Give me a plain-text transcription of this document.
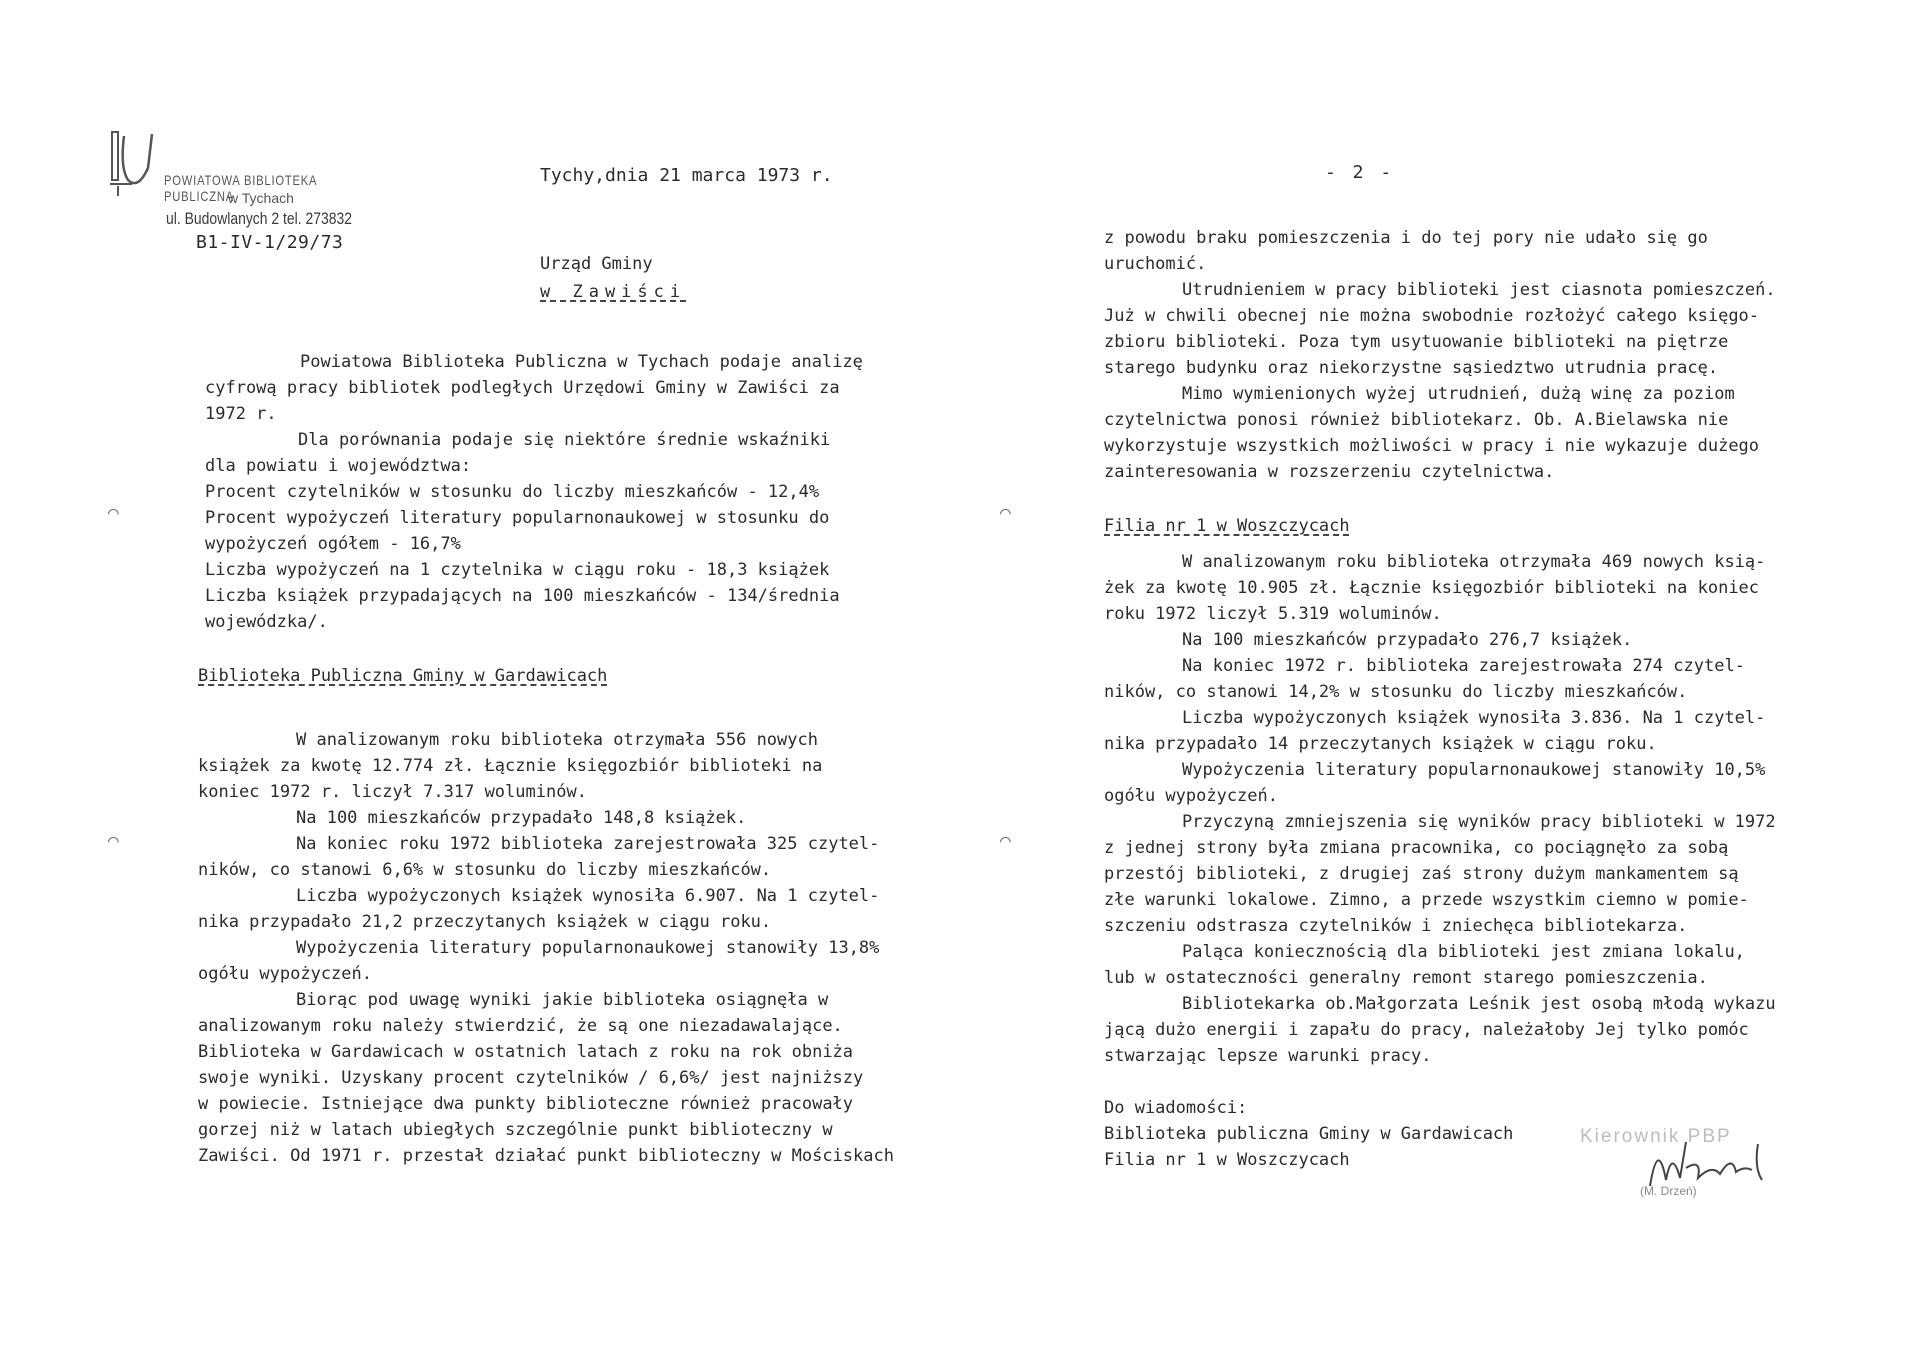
POWIATOWA BIBLIOTEKA PUBLICZNA
w Tychach
ul. Budowlanych 2 tel. 273832
B1-IV-1/29/73
Tychy,dnia 21 marca 1973 r.
Urząd Gminy
w Zawiści
Powiatowa Biblioteka Publiczna w Tychach podaje analizę
cyfrową pracy bibliotek podległych Urzędowi Gminy w Zawiści za
1972 r.
Dla porównania podaje się niektóre średnie wskaźniki
dla powiatu i województwa:
Procent czytelników w stosunku do liczby mieszkańców - 12,4%
Procent wypożyczeń literatury popularnonaukowej w stosunku do
wypożyczeń ogółem - 16,7%
Liczba wypożyczeń na 1 czytelnika w ciągu roku - 18,3 książek
Liczba książek przypadających na 100 mieszkańców - 134/średnia
wojewódzka/.
Biblioteka Publiczna Gminy w Gardawicach
W analizowanym roku biblioteka otrzymała 556 nowych
książek za kwotę 12.774 zł. Łącznie księgozbiór biblioteki na
koniec 1972 r. liczył 7.317 woluminów.
Na 100 mieszkańców przypadało 148,8 książek.
Na koniec roku 1972 biblioteka zarejestrowała 325 czytel-
ników, co stanowi 6,6% w stosunku do liczby mieszkańców.
Liczba wypożyczonych książek wynosiła 6.907. Na 1 czytel-
nika przypadało 21,2 przeczytanych książek w ciągu roku.
Wypożyczenia literatury popularnonaukowej stanowiły 13,8%
ogółu wypożyczeń.
Biorąc pod uwagę wyniki jakie biblioteka osiągnęła w
analizowanym roku należy stwierdzić, że są one niezadawalające.
Biblioteka w Gardawicach w ostatnich latach z roku na rok obniża
swoje wyniki. Uzyskany procent czytelników / 6,6%/ jest najniższy
w powiecie. Istniejące dwa punkty biblioteczne również pracowały
gorzej niż w latach ubiegłych szczególnie punkt biblioteczny w
Zawiści. Od 1971 r. przestał działać punkt biblioteczny w Mościskach
⌒
⌒
- 2 -
z powodu braku pomieszczenia i do tej pory nie udało się go
uruchomić.
Utrudnieniem w pracy biblioteki jest ciasnota pomieszczeń.
Już w chwili obecnej nie można swobodnie rozłożyć całego księgo-
zbioru biblioteki. Poza tym usytuowanie biblioteki na piętrze
starego budynku oraz niekorzystne sąsiedztwo utrudnia pracę.
Mimo wymienionych wyżej utrudnień, dużą winę za poziom
czytelnictwa ponosi również bibliotekarz. Ob. A.Bielawska nie
wykorzystuje wszystkich możliwości w pracy i nie wykazuje dużego
zainteresowania w rozszerzeniu czytelnictwa.
Filia nr 1 w Woszczycach
W analizowanym roku biblioteka otrzymała 469 nowych ksią-
żek za kwotę 10.905 zł. Łącznie księgozbiór biblioteki na koniec
roku 1972 liczył 5.319 woluminów.
Na 100 mieszkańców przypadało 276,7 książek.
Na koniec 1972 r. biblioteka zarejestrowała 274 czytel-
ników, co stanowi 14,2% w stosunku do liczby mieszkańców.
Liczba wypożyczonych książek wynosiła 3.836. Na 1 czytel-
nika przypadało 14 przeczytanych książek w ciągu roku.
Wypożyczenia literatury popularnonaukowej stanowiły 10,5%
ogółu wypożyczeń.
Przyczyną zmniejszenia się wyników pracy biblioteki w 1972
z jednej strony była zmiana pracownika, co pociągnęło za sobą
przestój biblioteki, z drugiej zaś strony dużym mankamentem są
złe warunki lokalowe. Zimno, a przede wszystkim ciemno w pomie-
szczeniu odstrasza czytelników i zniechęca bibliotekarza.
Paląca koniecznością dla biblioteki jest zmiana lokalu,
lub w ostateczności generalny remont starego pomieszczenia.
Bibliotekarka ob.Małgorzata Leśnik jest osobą młodą wykazu
jącą dużo energii i zapału do pracy, należałoby Jej tylko pomóc
stwarzając lepsze warunki pracy.
Do wiadomości:
Biblioteka publiczna Gminy w Gardawicach
Filia nr 1 w Woszczycach
⌒
⌒
Kierownik PBP
(M. Drzeń)
